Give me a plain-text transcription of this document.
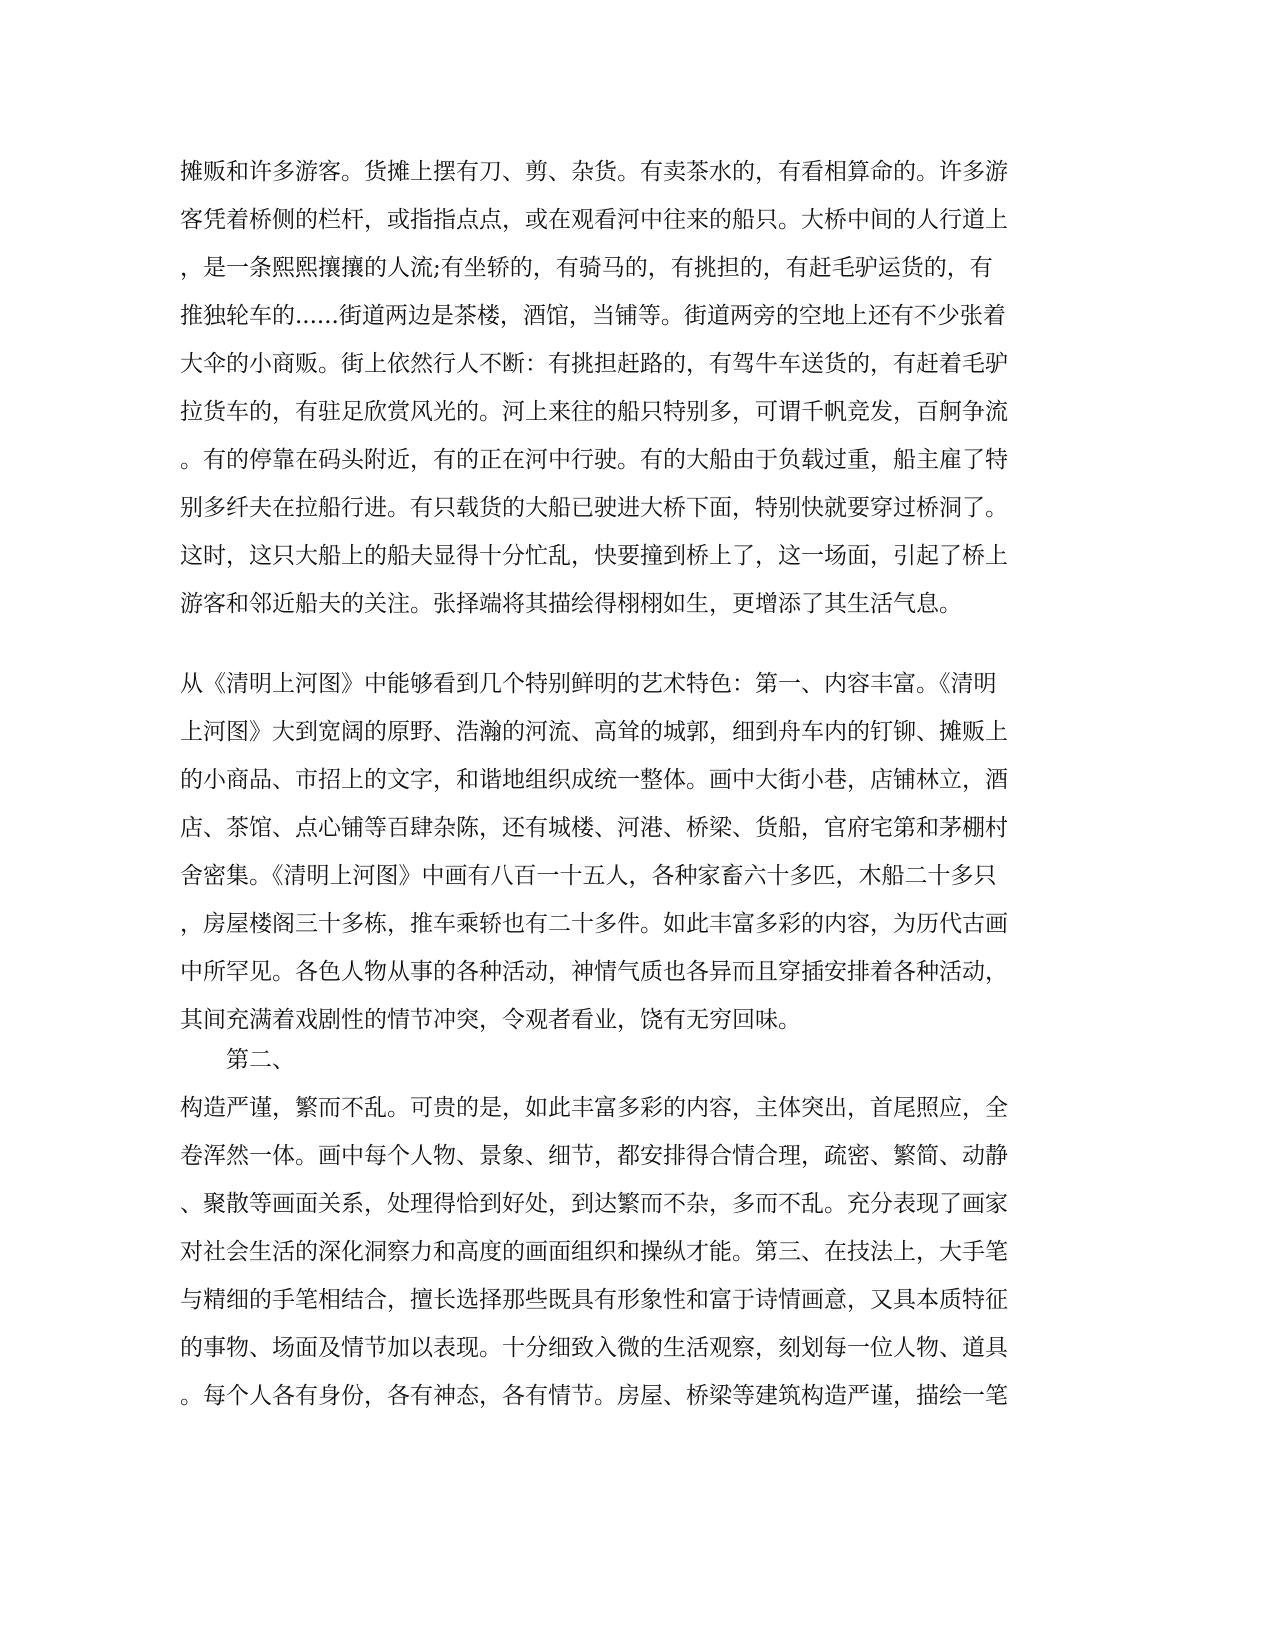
摊贩和许多游客。货摊上摆有刀、剪、杂货。有卖茶水的，有看相算命的。许多游
客凭着桥侧的栏杆，或指指点点，或在观看河中往来的船只。大桥中间的人行道上
，是一条熙熙攘攘的人流;有坐轿的，有骑马的，有挑担的，有赶毛驴运货的，有
推独轮车的......街道两边是茶楼，酒馆，当铺等。街道两旁的空地上还有不少张着
大伞的小商贩。街上依然行人不断：有挑担赶路的，有驾牛车送货的，有赶着毛驴
拉货车的，有驻足欣赏风光的。河上来往的船只特别多，可谓千帆竞发，百舸争流
。有的停靠在码头附近，有的正在河中行驶。有的大船由于负载过重，船主雇了特
别多纤夫在拉船行进。有只载货的大船已驶进大桥下面，特别快就要穿过桥洞了。
这时，这只大船上的船夫显得十分忙乱，快要撞到桥上了，这一场面，引起了桥上
游客和邻近船夫的关注。张择端将其描绘得栩栩如生，更增添了其生活气息。
从《清明上河图》中能够看到几个特别鲜明的艺术特色：第一、内容丰富。《清明
上河图》大到宽阔的原野、浩瀚的河流、高耸的城郭，细到舟车内的钉铆、摊贩上
的小商品、市招上的文字，和谐地组织成统一整体。画中大街小巷，店铺林立，酒
店、茶馆、点心铺等百肆杂陈，还有城楼、河港、桥梁、货船，官府宅第和茅棚村
舍密集。《清明上河图》中画有八百一十五人，各种家畜六十多匹，木船二十多只
，房屋楼阁三十多栋，推车乘轿也有二十多件。如此丰富多彩的内容，为历代古画
中所罕见。各色人物从事的各种活动，神情气质也各异而且穿插安排着各种活动，
其间充满着戏剧性的情节冲突，令观者看业，饶有无穷回味。
第二、
构造严谨，繁而不乱。可贵的是，如此丰富多彩的内容，主体突出，首尾照应，全
卷浑然一体。画中每个人物、景象、细节，都安排得合情合理，疏密、繁简、动静
、聚散等画面关系，处理得恰到好处，到达繁而不杂，多而不乱。充分表现了画家
对社会生活的深化洞察力和高度的画面组织和操纵才能。第三、在技法上，大手笔
与精细的手笔相结合，擅长选择那些既具有形象性和富于诗情画意，又具本质特征
的事物、场面及情节加以表现。十分细致入微的生活观察，刻划每一位人物、道具
。每个人各有身份，各有神态，各有情节。房屋、桥梁等建筑构造严谨，描绘一笔
